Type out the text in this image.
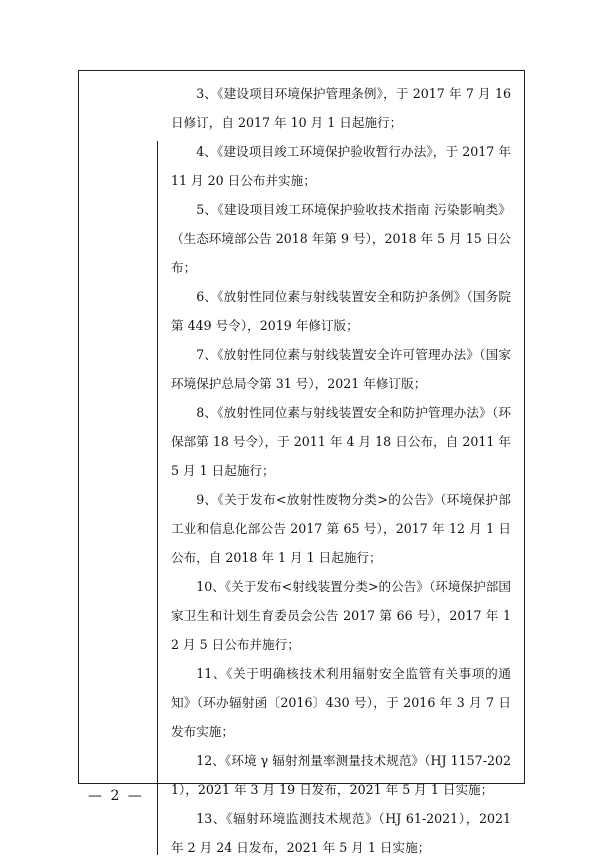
3、《建设项目环境保护管理条例》，于 2017 年 7 月 16 日修订，自 2017 年 10 月 1 日起施行；

4、《建设项目竣工环境保护验收暂行办法》，于 2017 年 11 月 20 日公布并实施；

5、《建设项目竣工环境保护验收技术指南 污染影响类》（生态环境部公告 2018 年第 9 号），2018 年 5 月 15 日公布；

6、《放射性同位素与射线装置安全和防护条例》（国务院第 449 号令），2019 年修订版；

7、《放射性同位素与射线装置安全许可管理办法》（国家环境保护总局令第 31 号），2021 年修订版；

8、《放射性同位素与射线装置安全和防护管理办法》（环保部第 18 号令），于 2011 年 4 月 18 日公布，自 2011 年 5 月 1 日起施行；

9、《关于发布<放射性废物分类>的公告》（环境保护部工业和信息化部公告 2017 第 65 号），2017 年 12 月 1 日公布，自 2018 年 1 月 1 日起施行；

10、《关于发布<射线装置分类>的公告》（环境保护部国家卫生和计划生育委员会公告 2017 第 66 号），2017 年 12 月 5 日公布并施行；

11、《关于明确核技术利用辐射安全监管有关事项的通知》（环办辐射函〔2016〕430 号），于 2016 年 3 月 7 日发布实施；

12、《环境 γ 辐射剂量率测量技术规范》（HJ 1157-2021），2021 年 3 月 19 日发布，2021 年 5 月 1 日实施；

13、《辐射环境监测技术规范》（HJ 61-2021），2021 年 2 月 24 日发布，2021 年 5 月 1 日实施；

— 2 —
